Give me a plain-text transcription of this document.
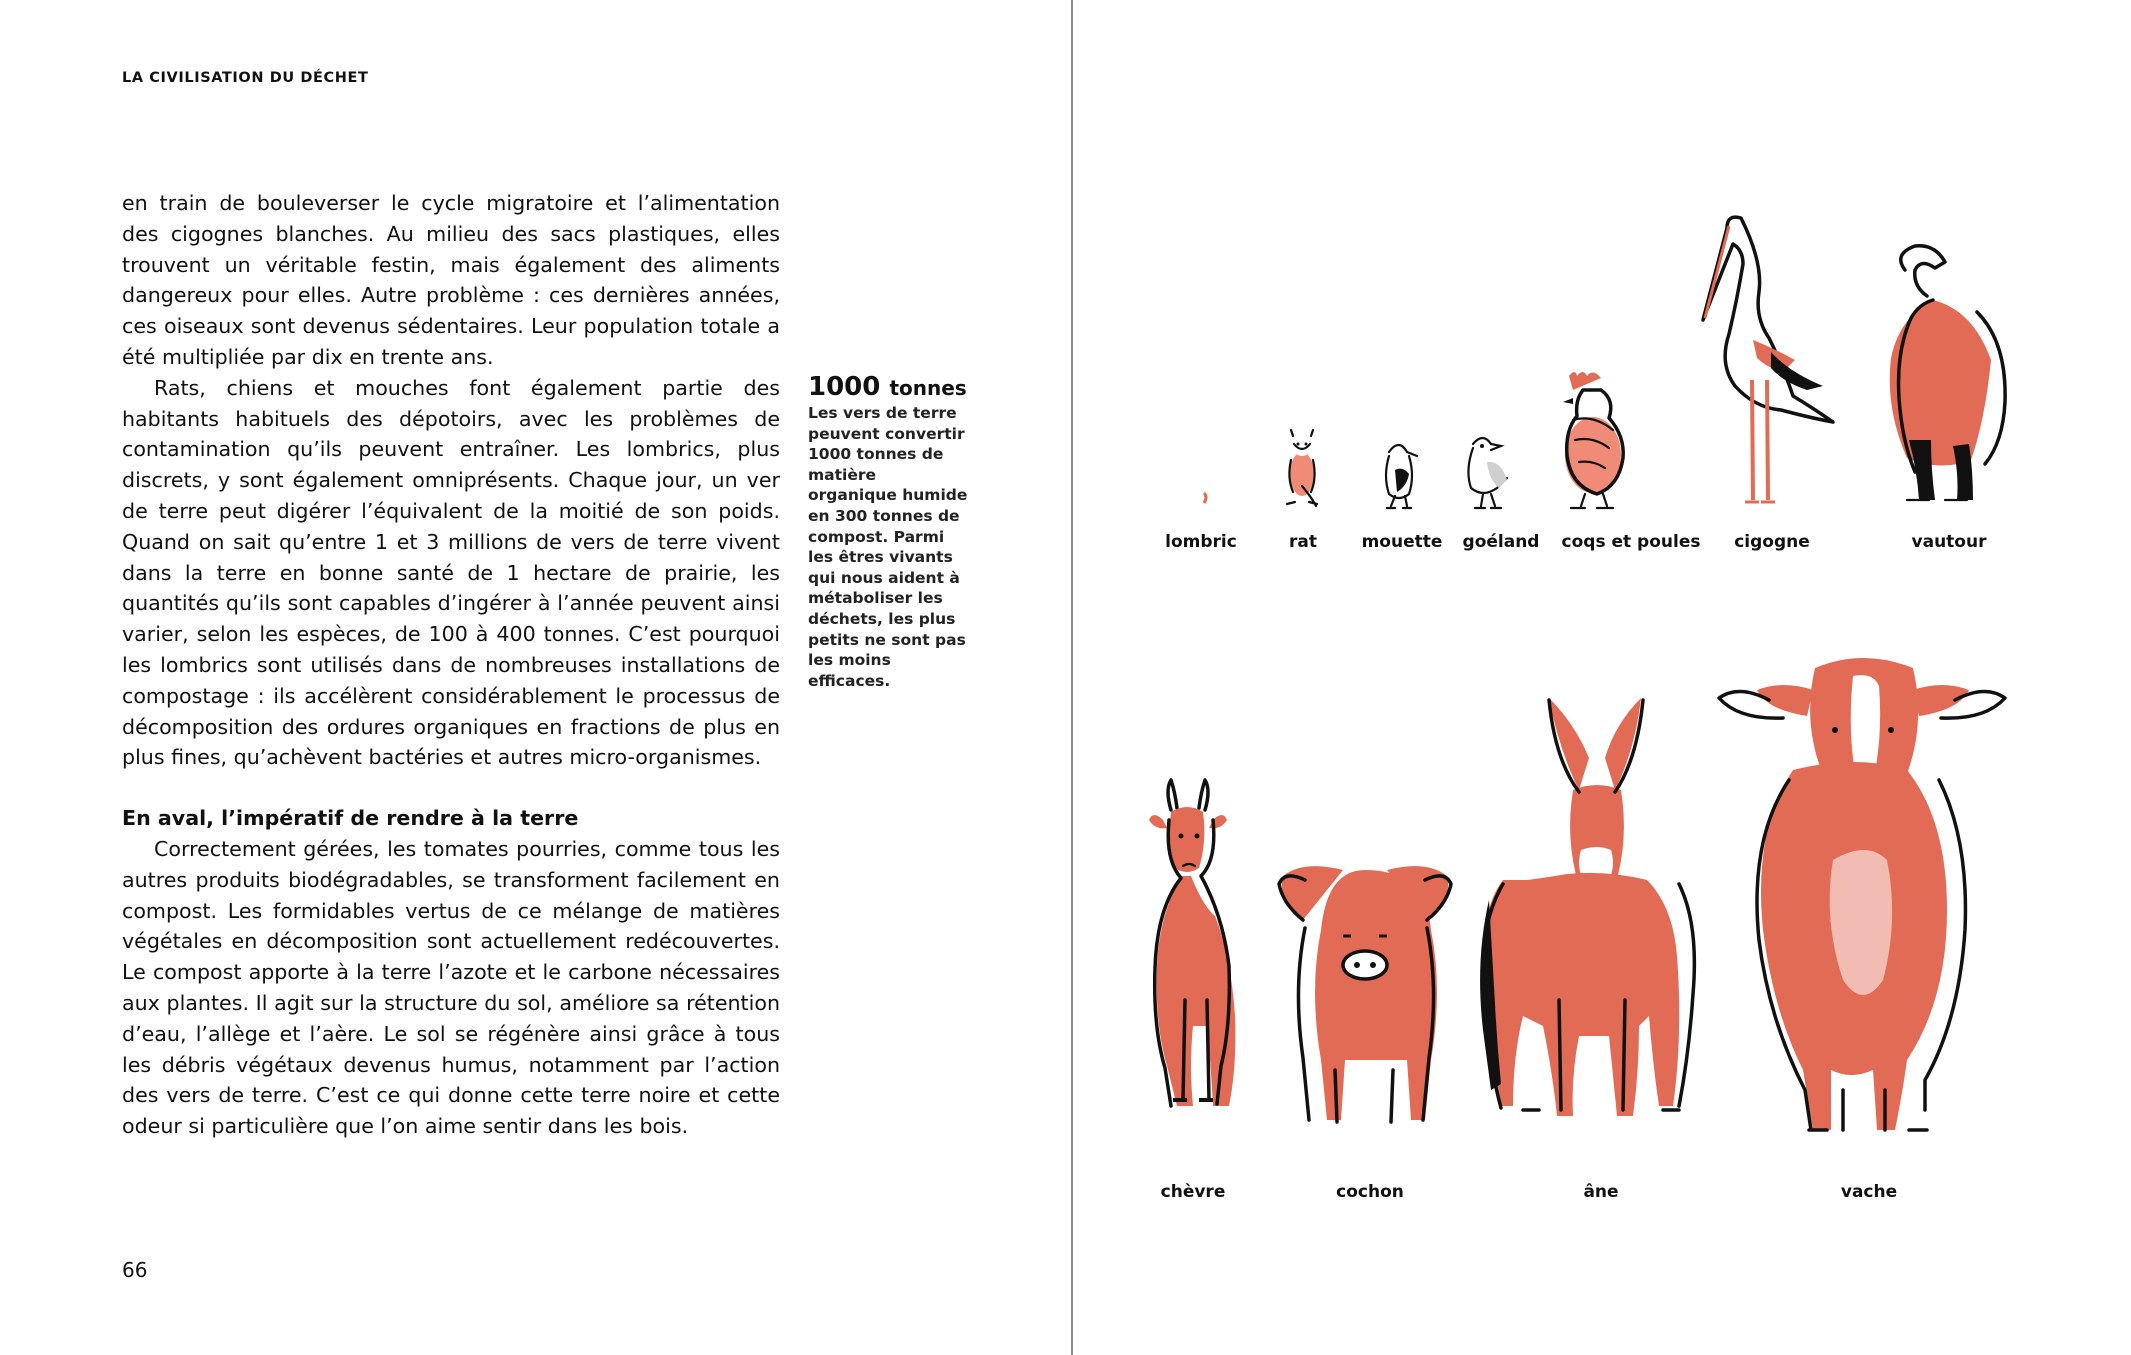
LA CIVILISATION DU DÉCHET

en train de bouleverser le cycle migratoire et l’alimentation des cigognes blanches. Au milieu des sacs plastiques, elles trouvent un véritable festin, mais également des aliments dangereux pour elles. Autre problème : ces dernières années, ces oiseaux sont devenus sédentaires. Leur population totale a été multipliée par dix en trente ans.

Rats, chiens et mouches font également partie des habitants habituels des dépotoirs, avec les problèmes de contamination qu’ils peuvent entraîner. Les lombrics, plus discrets, y sont également omniprésents. Chaque jour, un ver de terre peut digérer l’équivalent de la moitié de son poids. Quand on sait qu’entre 1 et 3 millions de vers de terre vivent dans la terre en bonne santé de 1 hectare de prairie, les quantités qu’ils sont capables d’ingérer à l’année peuvent ainsi varier, selon les espèces, de 100 à 400 tonnes. C’est pourquoi les lombrics sont utilisés dans de nombreuses installations de compostage : ils accélèrent considérablement le processus de décomposition des ordures organiques en fractions de plus en plus fines, qu’achèvent bactéries et autres micro-organismes.

En aval, l’impératif de rendre à la terre

Correctement gérées, les tomates pourries, comme tous les autres produits biodégradables, se transforment facilement en compost. Les formidables vertus de ce mélange de matières végétales en décomposition sont actuellement redécouvertes. Le compost apporte à la terre l’azote et le carbone nécessaires aux plantes. Il agit sur la structure du sol, améliore sa rétention d’eau, l’allège et l’aère. Le sol se régénère ainsi grâce à tous les débris végétaux devenus humus, notamment par l’action des vers de terre. C’est ce qui donne cette terre noire et cette odeur si particulière que l’on aime sentir dans les bois.

1000 tonnes
Les vers de terre peuvent convertir 1000 tonnes de matière organique humide en 300 tonnes de compost. Parmi les êtres vivants qui nous aident à métaboliser les déchets, les plus petits ne sont pas les moins efficaces.
66
lombric	rat	mouette goéland coqs et poules cigogne	vautour
chèvre	cochon	âne	vache
